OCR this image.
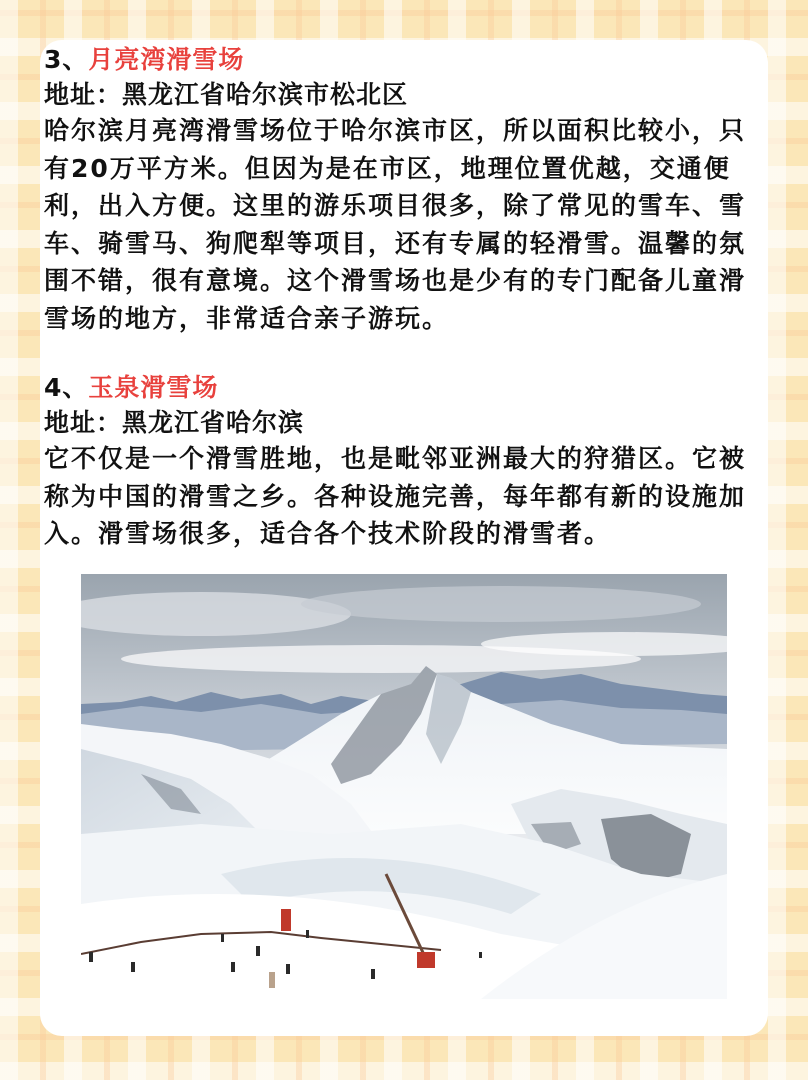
3、月亮湾滑雪场

地址：黑龙江省哈尔滨市松北区

哈尔滨月亮湾滑雪场位于哈尔滨市区，所以面积比较小，只有20万平方米。但因为是在市区，地理位置优越，交通便利，出入方便。这里的游乐项目很多，除了常见的雪车、雪车、骑雪马、狗爬犁等项目，还有专属的轻滑雪。温馨的氛围不错，很有意境。这个滑雪场也是少有的专门配备儿童滑雪场的地方，非常适合亲子游玩。

4、玉泉滑雪场

地址：黑龙江省哈尔滨

它不仅是一个滑雪胜地，也是毗邻亚洲最大的狩猎区。它被称为中国的滑雪之乡。各种设施完善，每年都有新的设施加入。滑雪场很多，适合各个技术阶段的滑雪者。
